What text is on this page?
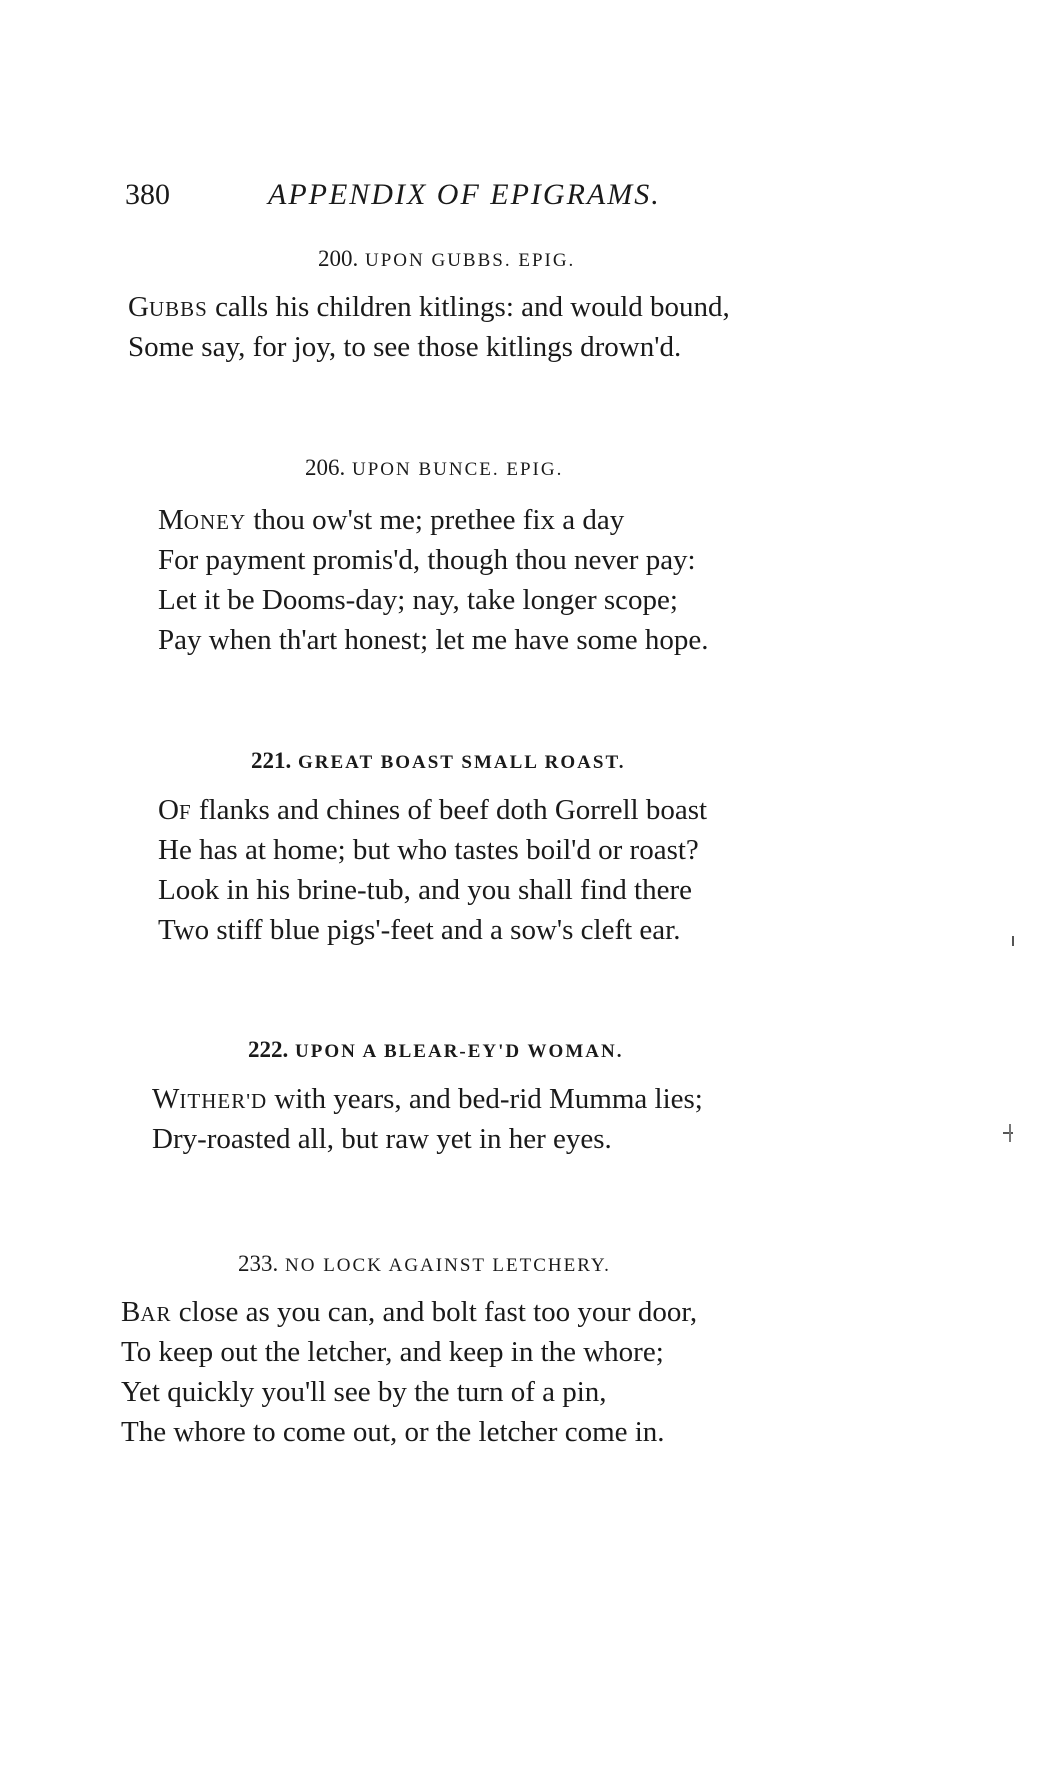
380	APPENDIX OF EPIGRAMS.
200. UPON GUBBS. EPIG.
GUBBS calls his children kitlings: and would bound,
Some say, for joy, to see those kitlings drown'd.
206. UPON BUNCE. EPIG.
MONEY thou ow'st me; prethee fix a day
For payment promis'd, though thou never pay:
Let it be Dooms-day; nay, take longer scope;
Pay when th'art honest; let me have some hope.
221. GREAT BOAST SMALL ROAST.
OF flanks and chines of beef doth Gorrell boast
He has at home; but who tastes boil'd or roast?
Look in his brine-tub, and you shall find there
Two stiff blue pigs'-feet and a sow's cleft ear.
222. UPON A BLEAR-EY'D WOMAN.
WITHER'D with years, and bed-rid Mumma lies;
Dry-roasted all, but raw yet in her eyes.
233. NO LOCK AGAINST LETCHERY.
BAR close as you can, and bolt fast too your door,
To keep out the letcher, and keep in the whore;
Yet quickly you'll see by the turn of a pin,
The whore to come out, or the letcher come in.
